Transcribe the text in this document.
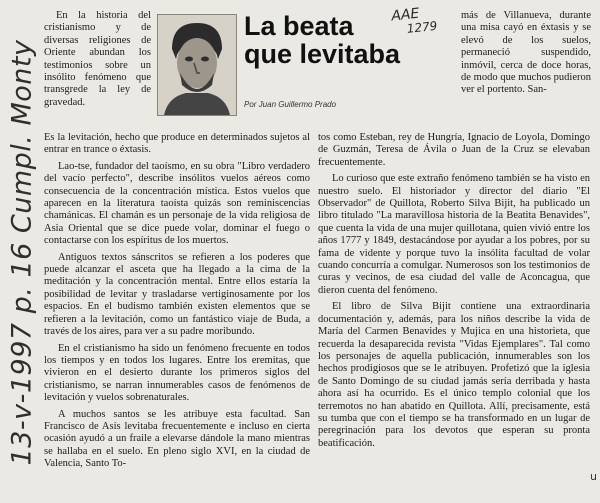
13-v-1997 p. 16 Cumpl. Monty

En la historia del cristianismo y de diversas religiones de Oriente abundan los testimonios sobre un insólito fenómeno que transgrede la ley de gravedad.

La beata
que levitaba
Por Juan Guillermo Prado
AAE
1279

más de Villanueva, durante una misa cayó en éxtasis y se elevó de los suelos, permaneció suspendido, inmóvil, cerca de doce horas, de modo que muchos pudieron ver el portento. San-

Es la levitación, hecho que produce en determinados sujetos al entrar en trance o éxtasis.

Lao-tse, fundador del taoísmo, en su obra "Libro verdadero del vacío perfecto", describe insólitos vuelos aéreos como consecuencia de la concentración mística. Estos vuelos que aparecen en la literatura taoísta quizás son reminiscencias chamánicas. El chamán es un personaje de la vida religiosa de Asia Oriental que se dice puede volar, dominar el fuego o contactarse con los espíritus de los muertos.

Antiguos textos sánscritos se refieren a los poderes que puede alcanzar el asceta que ha llegado a la cima de la meditación y la concentración mental. Entre ellos estaría la posibilidad de levitar y trasladarse vertiginosamente por los espacios. En el budismo también existen elementos que se refieren a la levitación, como un fantástico viaje de Buda, a través de los aires, para ver a su padre moribundo.

En el cristianismo ha sido un fenómeno frecuente en todos los tiempos y en todos los lugares. Entre los eremitas, que vivieron en el desierto durante los primeros siglos del cristianismo, se narran innumerables casos de fenómenos de levitación y vuelos sobrenaturales.

A muchos santos se les atribuye esta facultad. San Francisco de Asís levitaba frecuentemente e incluso en cierta ocasión ayudó a un fraile a elevarse dándole la mano mientras se hallaba en el suelo. En pleno siglo XVI, en la ciudad de Valencia, Santo To-

tos como Esteban, rey de Hungría, Ignacio de Loyola, Domingo de Guzmán, Teresa de Ávila o Juan de la Cruz se elevaban frecuentemente.

Lo curioso que este extraño fenómeno también se ha visto en nuestro suelo. El historiador y director del diario "El Observador" de Quillota, Roberto Silva Bijit, ha publicado un libro titulado "La maravillosa historia de la Beatita Benavides", que cuenta la vida de una mujer quillotana, quien vivió entre los años 1777 y 1849, destacándose por ayudar a los pobres, por su fama de vidente y porque tuvo la insólita facultad de volar cuando concurría a comulgar. Numerosos son los testimonios de curas y vecinos, de esa ciudad del valle de Aconcagua, que dieron cuenta del fenómeno.

El libro de Silva Bijit contiene una extraordinaria documentación y, además, para los niños describe la vida de María del Carmen Benavides y Mujica en una historieta, que recuerda la desaparecida revista "Vidas Ejemplares". Tal como los personajes de aquella publicación, innumerables son los hechos prodigiosos que se le atribuyen. Profetizó que la iglesia de Santo Domingo de su ciudad jamás sería derribada y hasta ahora así ha ocurrido. Es el único templo colonial que los terremotos no han abatido en Quillota. Allí, precisamente, está su tumba que con el tiempo se ha transformado en un lugar de peregrinación para los devotos que esperan su pronta beatificación.

u
